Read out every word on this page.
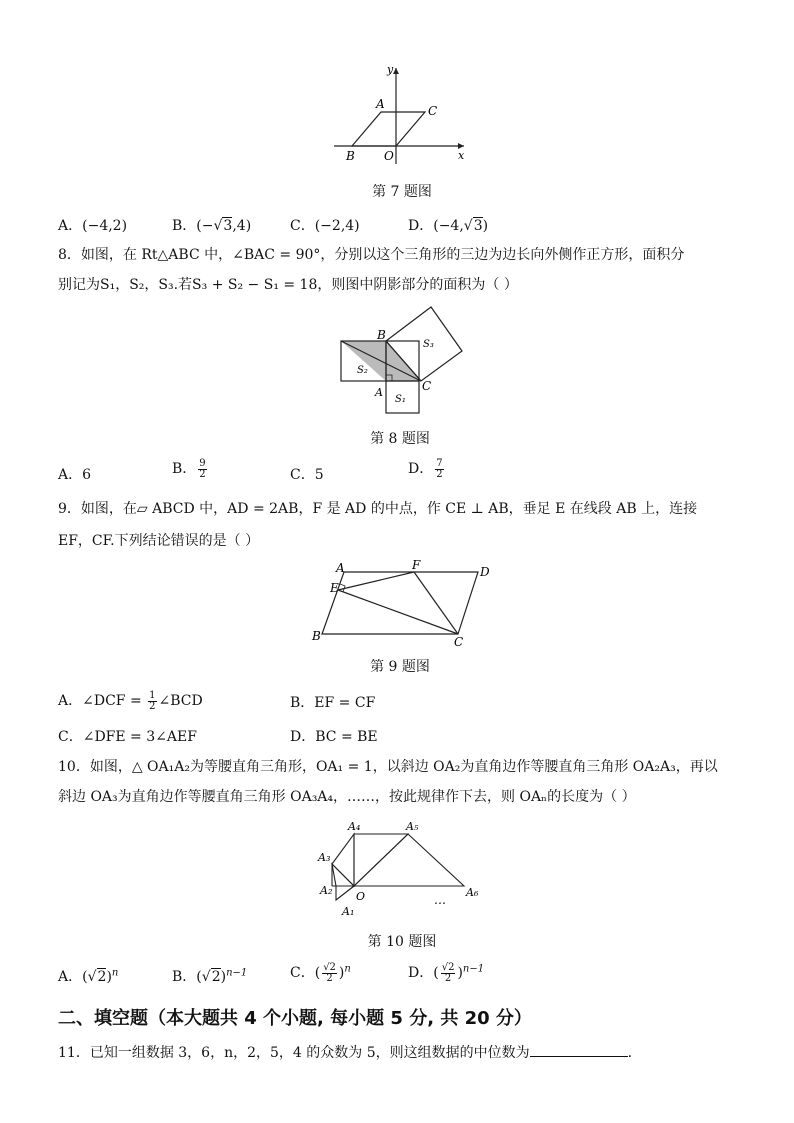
B O
A	C
x
y
第 7 题图
A．(−4,2)	B．(−√3,4)	C．(−2,4)	D．(−4,√3)
8．如图，在 Rt△ABC 中，∠BAC = 90°，分别以这个三角形的三边为边长向外侧作正方形，面积分
别记为S₁，S₂，S₃.若S₃ + S₂ − S₁ = 18，则图中阴影部分的面积为（ ）
B
C
A
S₂
S₁
S₃
第 8 题图
A．6	B． $\frac{9}{2}$	C．5	D． $\frac{7}{2}$
9．如图，在▱ ABCD 中，AD = 2AB，F 是 AD 的中点，作 CE ⊥ AB，垂足 E 在线段 AB 上，连接
EF，CF.下列结论错误的是（ ）
A	F	D
E
B	C
第 9 题图
A．∠DCF = $\frac{1}{2}$ ∠BCD	B．EF = CF
C．∠DFE = 3∠AEF	D．BC = BE
10．如图，△ OA₁A₂为等腰直角三角形，OA₁ = 1，以斜边 OA₂为直角边作等腰直角三角形 OA₂A₃，再以
斜边 OA₃为直角边作等腰直角三角形 OA₃A₄，……，按此规律作下去，则 OAₙ的长度为（ ）
A₄	A₅
A₃
A₂
A₁
O	A₆
…
第 10 题图
A．$(√2)^n$	B．$(√2)^{n-1}$	C．( $\frac{√2}{2} )^n$	D．( $\frac{√2}{2} )^{n-1}$
二、填空题（本大题共 4 个小题, 每小题 5 分, 共 20 分）
11．已知一组数据 3，6，n，2，5，4 的众数为 5，则这组数据的中位数为	.
